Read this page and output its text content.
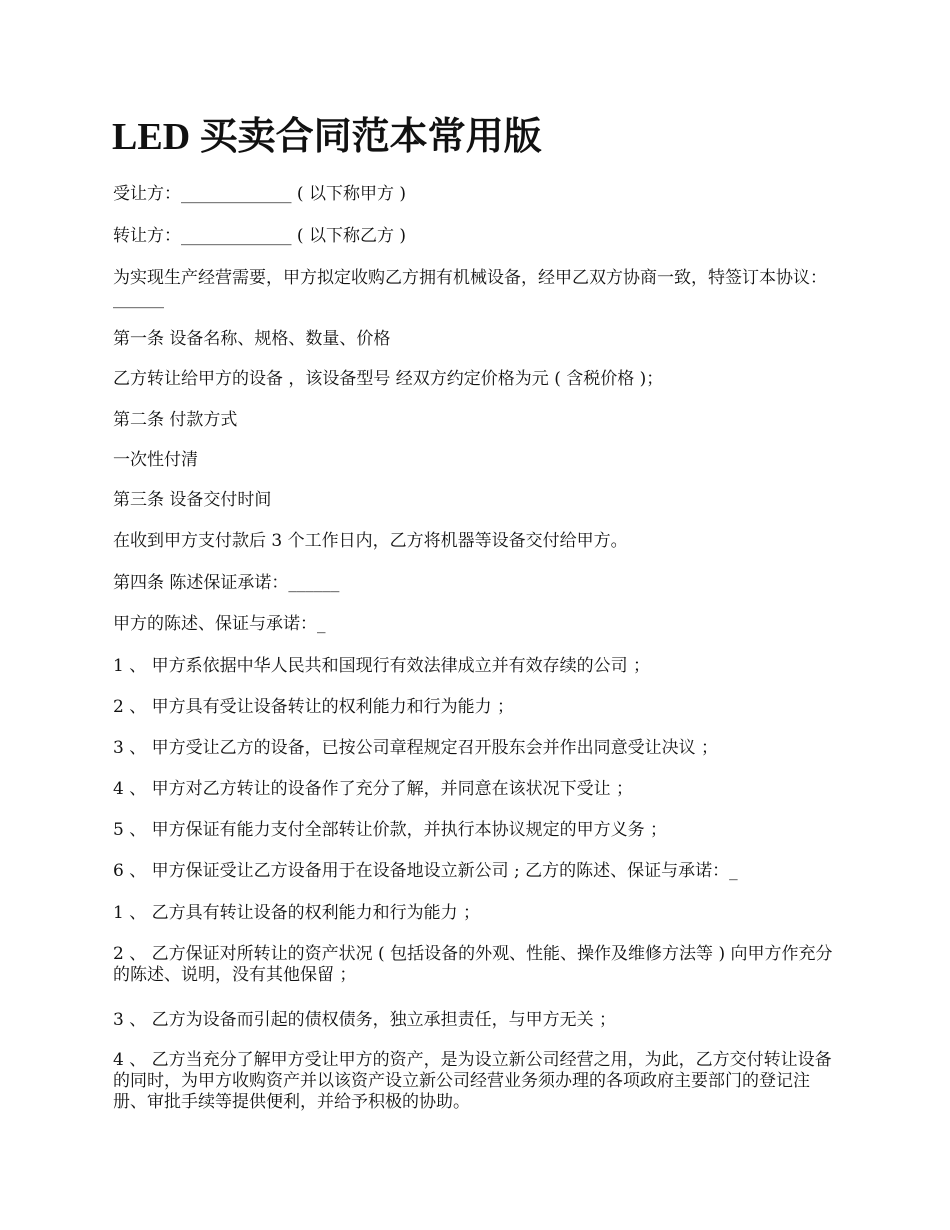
LED 买卖合同范本常用版

受让方：_____________ ( 以下称甲方 )

转让方：_____________ ( 以下称乙方 )

为实现生产经营需要，甲方拟定收购乙方拥有机械设备，经甲乙双方协商一致，特签订本协议：______

第一条 设备名称、规格、数量、价格

乙方转让给甲方的设备 ，该设备型号 经双方约定价格为元 ( 含税价格 )；

第二条 付款方式

一次性付清

第三条 设备交付时间

在收到甲方支付款后 3 个工作日内，乙方将机器等设备交付给甲方。

第四条 陈述保证承诺：______

甲方的陈述、保证与承诺：_

1 、 甲方系依据中华人民共和国现行有效法律成立并有效存续的公司 ；

2 、 甲方具有受让设备转让的权利能力和行为能力 ；

3 、 甲方受让乙方的设备，已按公司章程规定召开股东会并作出同意受让决议 ；

4 、 甲方对乙方转让的设备作了充分了解，并同意在该状况下受让 ；

5 、 甲方保证有能力支付全部转让价款，并执行本协议规定的甲方义务 ；

6 、 甲方保证受让乙方设备用于在设备地设立新公司 ; 乙方的陈述、保证与承诺：_

1 、 乙方具有转让设备的权利能力和行为能力 ；

2 、 乙方保证对所转让的资产状况 ( 包括设备的外观、性能、操作及维修方法等 ) 向甲方作充分的陈述、说明，没有其他保留 ；

3 、 乙方为设备而引起的债权债务，独立承担责任，与甲方无关 ；

4 、 乙方当充分了解甲方受让甲方的资产，是为设立新公司经营之用，为此，乙方交付转让设备的同时，为甲方收购资产并以该资产设立新公司经营业务须办理的各项政府主要部门的登记注册、审批手续等提供便利，并给予积极的协助。
